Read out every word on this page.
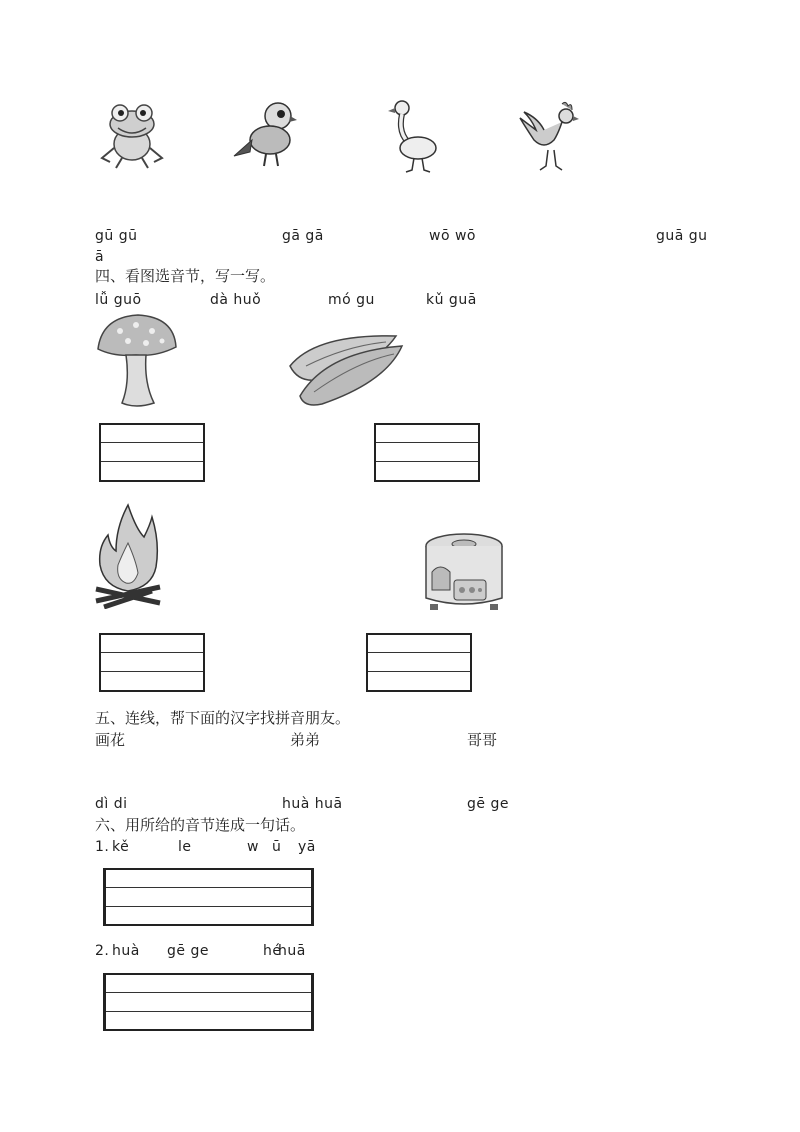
gū gū	gā gā	wō wō	guā gu
ā
四、看图选音节，写一写。
lǚ guō	dà huǒ	mó gu	kǔ guā
五、连线，帮下面的汉字找拼音朋友。
画花	弟弟	哥哥
dì di	huà huā	gē ge
六、用所给的音节连成一句话。
1. kě	le	w ū yā
2. huà gē ge	hé
huā
